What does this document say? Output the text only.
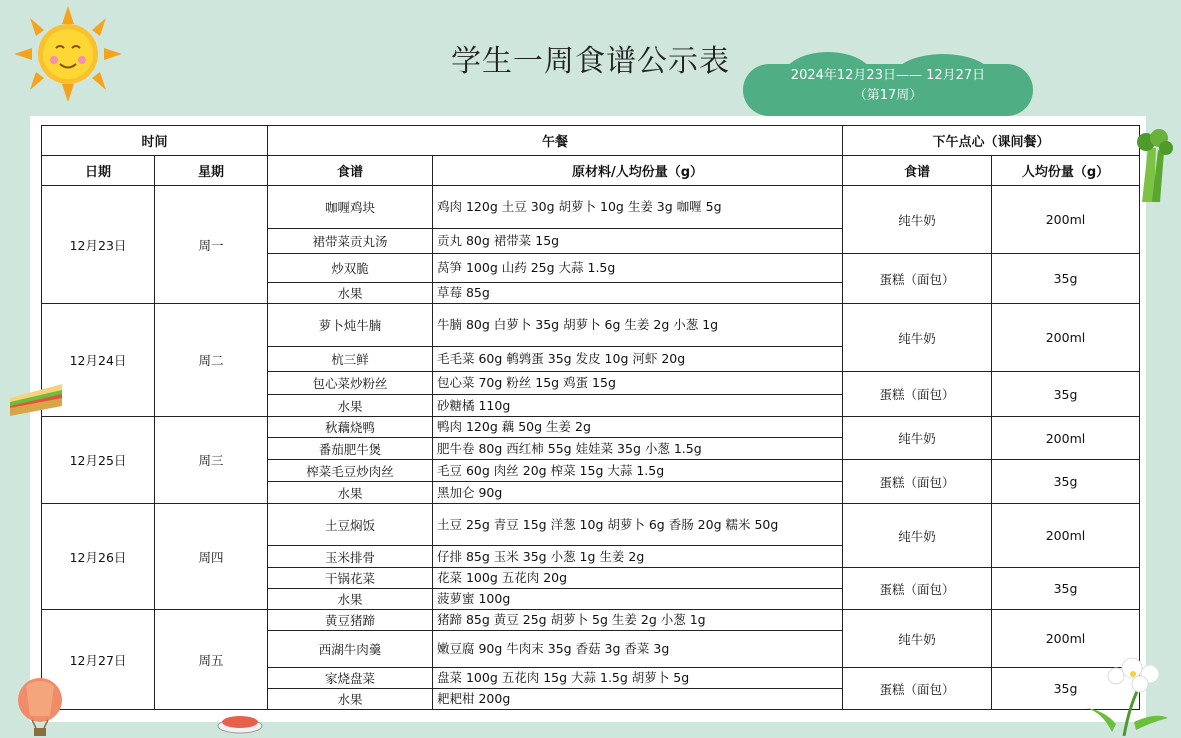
学生一周食谱公示表	2024年12月23日—— 12月27日
（第17周）
时间		午餐		下午点心（课间餐）	
日期	星期	食谱	原材料/人均份量（g）	食谱	人均份量（g）
12月23日	周一	咖喱鸡块	鸡肉 120g 土豆 30g 胡萝卜 10g 生姜 3g 咖喱 5g	纯牛奶	200ml
		裙带菜贡丸汤	贡丸 80g 裙带菜 15g		
		炒双脆	莴笋 100g 山药 25g 大蒜 1.5g	蛋糕（面包）	35g
		水果	草莓 85g		
12月24日	周二	萝卜炖牛腩	牛腩 80g 白萝卜 35g 胡萝卜 6g 生姜 2g 小葱 1g	纯牛奶	200ml
		杭三鲜	毛毛菜 60g 鹌鹑蛋 35g 发皮 10g 河虾 20g		
		包心菜炒粉丝	包心菜 70g 粉丝 15g 鸡蛋 15g	蛋糕（面包）	35g
		水果	砂糖橘 110g		
12月25日	周三	秋藕烧鸭	鸭肉 120g 藕 50g 生姜 2g	纯牛奶	200ml
		番茄肥牛煲	肥牛卷 80g 西红柿 55g 娃娃菜 35g 小葱 1.5g		
		榨菜毛豆炒肉丝	毛豆 60g 肉丝 20g 榨菜 15g 大蒜 1.5g	蛋糕（面包）	35g
		水果	黑加仑 90g		
12月26日	周四	土豆焖饭	土豆 25g 青豆 15g 洋葱 10g 胡萝卜 6g 香肠 20g 糯米 50g	纯牛奶	200ml
		玉米排骨	仔排 85g 玉米 35g 小葱 1g 生姜 2g		
		干锅花菜	花菜 100g 五花肉 20g	蛋糕（面包）	35g
		水果	菠萝蜜 100g		
12月27日	周五	黄豆猪蹄	猪蹄 85g 黄豆 25g 胡萝卜 5g 生姜 2g 小葱 1g	纯牛奶	200ml
		西湖牛肉羹	嫩豆腐 90g 牛肉末 35g 香菇 3g 香菜 3g		
		家烧盘菜	盘菜 100g 五花肉 15g 大蒜 1.5g 胡萝卜 5g	蛋糕（面包）	35g
		水果	耙耙柑 200g		
